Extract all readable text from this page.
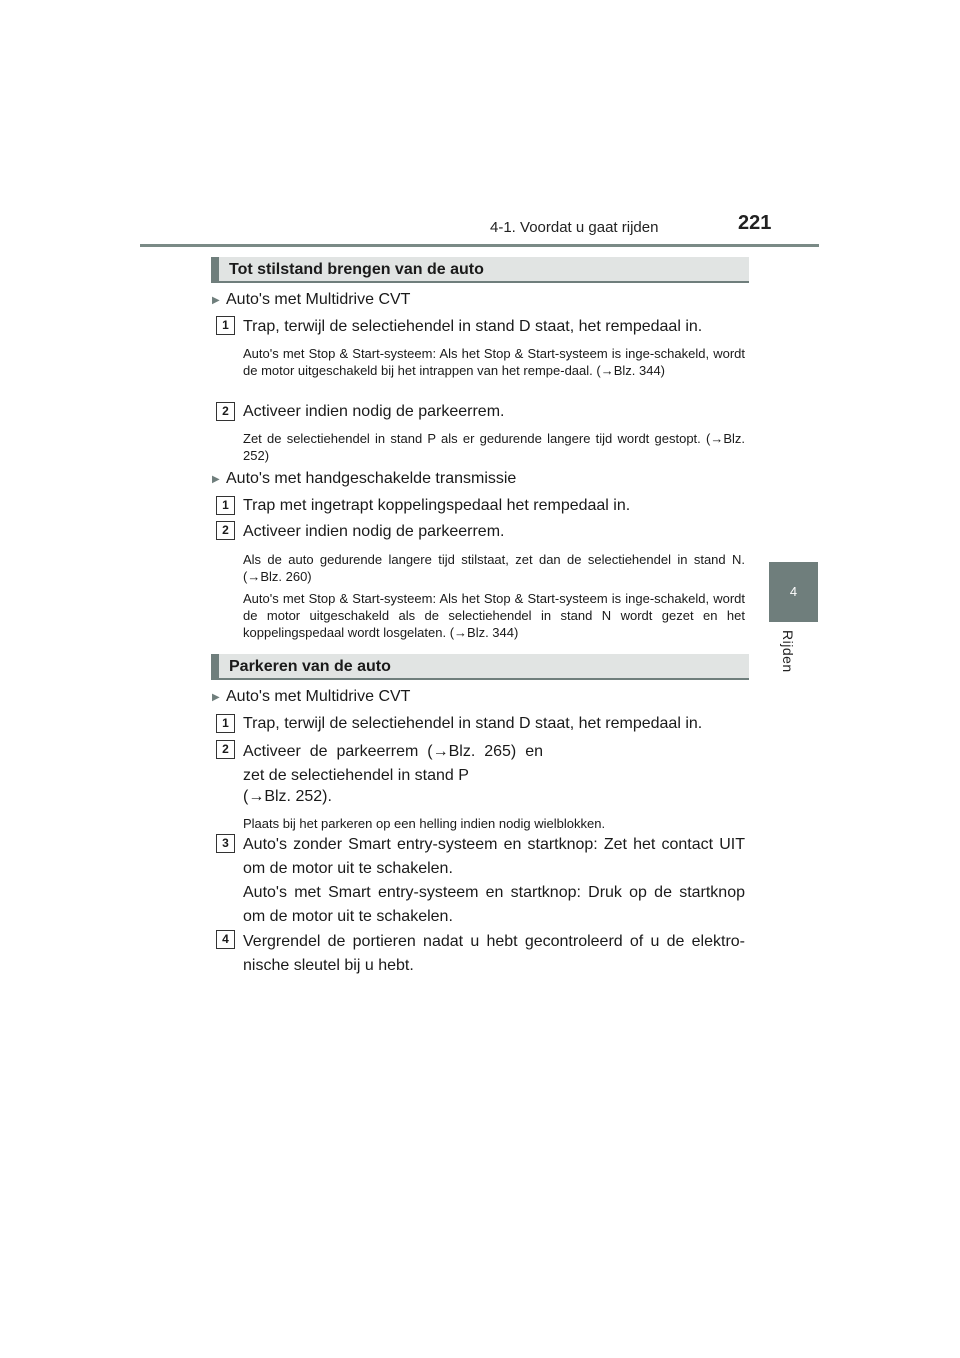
4-1. Voordat u gaat rijden	221
4
Rijden
Tot stilstand brengen van de auto
▶ Auto's met Multidrive CVT
1 Trap, terwijl de selectiehendel in stand D staat, het rempedaal in.
Auto's met Stop & Start-systeem: Als het Stop & Start-systeem is inge-schakeld, wordt de motor uitgeschakeld bij het intrappen van het rempe-daal. (→Blz. 344)
2 Activeer indien nodig de parkeerrem.
Zet de selectiehendel in stand P als er gedurende langere tijd wordt gestopt. (→Blz. 252)
▶ Auto's met handgeschakelde transmissie
1 Trap met ingetrapt koppelingspedaal het rempedaal in.
2 Activeer indien nodig de parkeerrem.
Als de auto gedurende langere tijd stilstaat, zet dan de selectiehendel in stand N. (→Blz. 260)
Auto's met Stop & Start-systeem: Als het Stop & Start-systeem is inge-schakeld, wordt de motor uitgeschakeld als de selectiehendel in stand N wordt gezet en het koppelingspedaal wordt losgelaten. (→Blz. 344)
Parkeren van de auto
▶ Auto's met Multidrive CVT
1 Trap, terwijl de selectiehendel in stand D staat, het rempedaal in.
2 Activeer de parkeerrem (→Blz. 265) en zet de selectiehendel in stand P
(→Blz. 252).
Plaats bij het parkeren op een helling indien nodig wielblokken.
3 Auto's zonder Smart entry-systeem en startknop: Zet het contact UIT om de motor uit te schakelen.
Auto's met Smart entry-systeem en startknop: Druk op de startknop om de motor uit te schakelen.
4 Vergrendel de portieren nadat u hebt gecontroleerd of u de elektro-nische sleutel bij u hebt.
